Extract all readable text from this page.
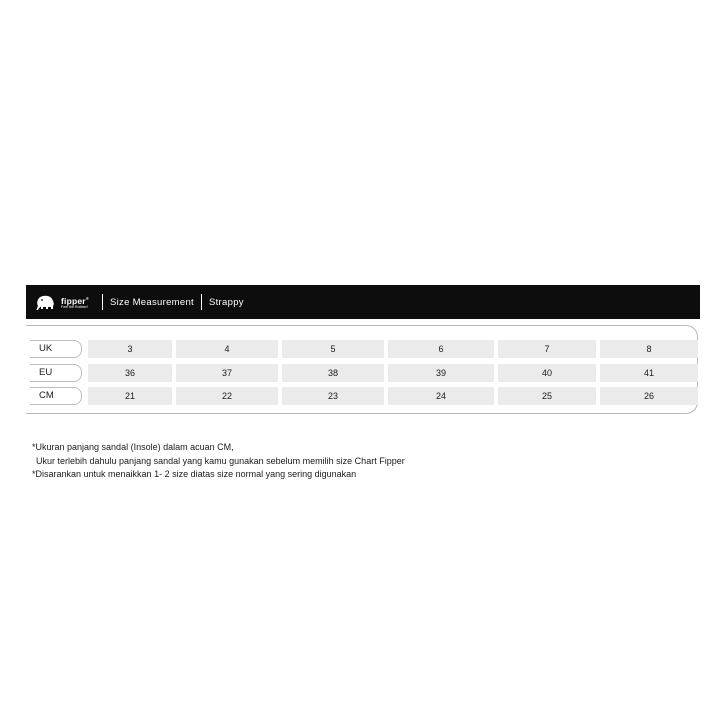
fipper®
Feel the Rubber! Size Measurement Strappy
UK	3	4	5	6	7	8
EU	36	37	38	39	40	41
CM	21	22	23	24	25	26
*Ukuran panjang sandal (Insole) dalam acuan CM,
Ukur terlebih dahulu panjang sandal yang kamu gunakan sebelum memilih size Chart Fipper
*Disarankan untuk menaikkan 1- 2 size diatas size normal yang sering digunakan
